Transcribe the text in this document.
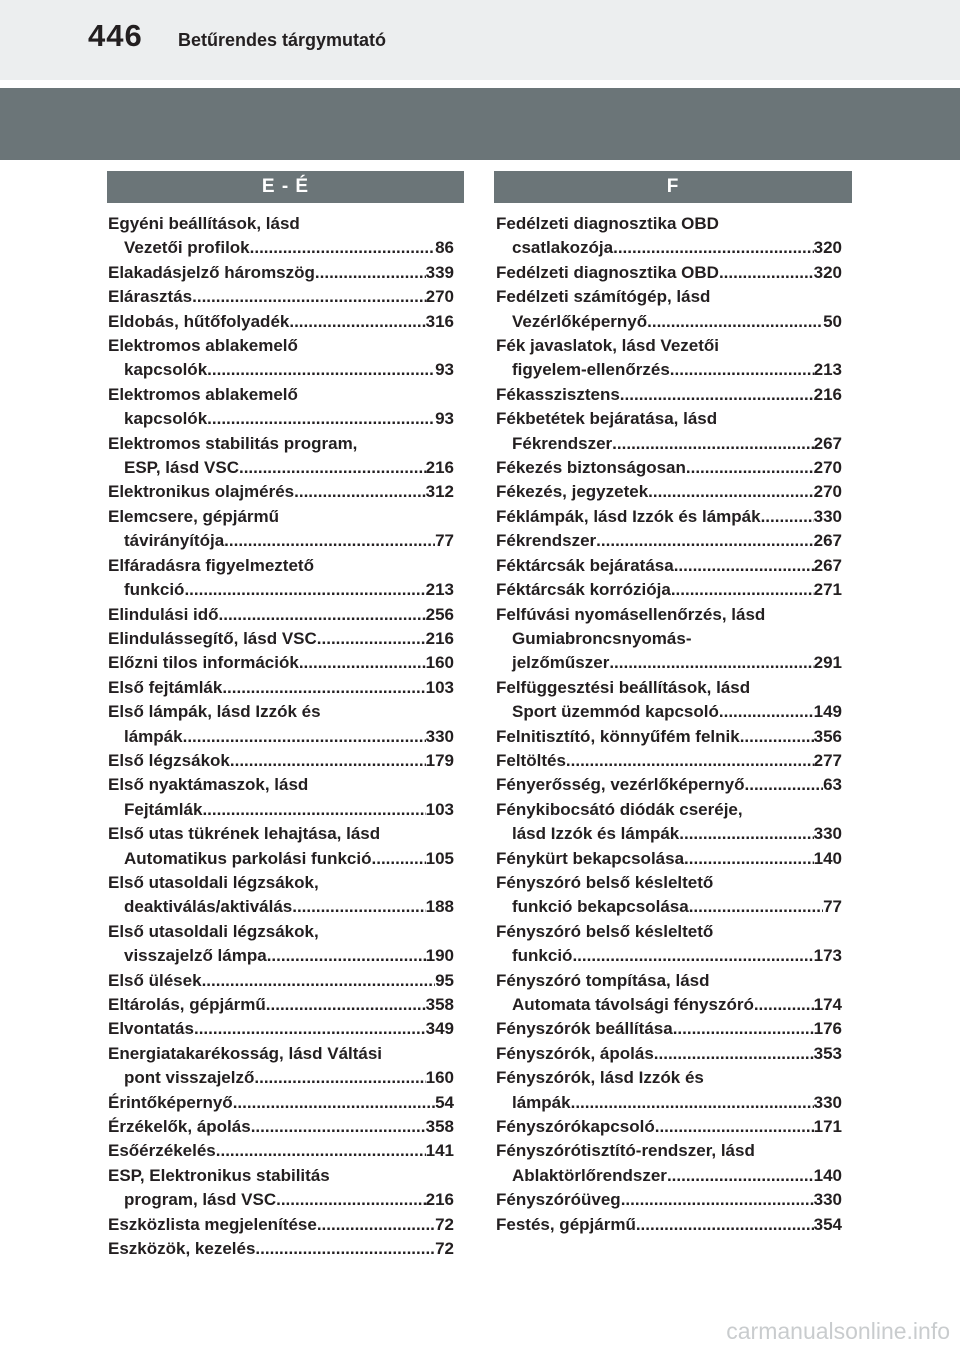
446 Betűrendes tárgymutató
E - É	F
Egyéni beállítások, lásd
Vezetői profilok .....	86
Elakadásjelző háromszög .....	339
Elárasztás .....	270
Eldobás, hűtőfolyadék .....	316
Elektromos ablakemelő
kapcsolók .....	93
Elektromos ablakemelő
kapcsolók .....	93
Elektromos stabilitás program,
ESP, lásd VSC .....	216
Elektronikus olajmérés .....	312
Elemcsere, gépjármű
távirányítója .....	77
Elfáradásra figyelmeztető
funkció .....	213
Elindulási idő .....	256
Elindulássegítő, lásd VSC .....	216
Előzni tilos információk .....	160
Első fejtámlák .....	103
Első lámpák, lásd Izzók és
lámpák .....	330
Első légzsákok .....	179
Első nyaktámaszok, lásd
Fejtámlák .....	103
Első utas tükrének lehajtása, lásd
Automatikus parkolási funkció .....	105
Első utasoldali légzsákok,
deaktiválás/aktiválás .....	188
Első utasoldali légzsákok,
visszajelző lámpa .....	190
Első ülések .....	95
Eltárolás, gépjármű .....	358
Elvontatás .....	349
Energiatakarékosság, lásd Váltási
pont visszajelző .....	160
Érintőképernyő .....	54
Érzékelők, ápolás .....	358
Esőérzékelés .....	141
ESP, Elektronikus stabilitás
program, lásd VSC .....	216
Eszközlista megjelenítése .....	72
Eszközök, kezelés .....	72
Fedélzeti diagnosztika OBD
csatlakozója .....	320
Fedélzeti diagnosztika OBD .....	320
Fedélzeti számítógép, lásd
Vezérlőképernyő .....	50
Fék javaslatok, lásd Vezetői
figyelem-ellenőrzés .....	213
Fékasszisztens .....	216
Fékbetétek bejáratása, lásd
Fékrendszer .....	267
Fékezés biztonságosan .....	270
Fékezés, jegyzetek .....	270
Féklámpák, lásd Izzók és lámpák .....	330
Fékrendszer .....	267
Féktárcsák bejáratása .....	267
Féktárcsák korróziója .....	271
Felfúvási nyomásellenőrzés, lásd
Gumiabroncsnyomás-
jelzőműszer .....	291
Felfüggesztési beállítások, lásd
Sport üzemmód kapcsoló .....	149
Felnitisztító, könnyűfém felnik .....	356
Feltöltés .....	277
Fényerősség, vezérlőképernyő .....	63
Fénykibocsátó diódák cseréje,
lásd Izzók és lámpák .....	330
Fénykürt bekapcsolása .....	140
Fényszóró belső késleltető
funkció bekapcsolása .....	77
Fényszóró belső késleltető
funkció .....	173
Fényszóró tompítása, lásd
Automata távolsági fényszóró .....	174
Fényszórók beállítása .....	176
Fényszórók, ápolás .....	353
Fényszórók, lásd Izzók és
lámpák .....	330
Fényszórókapcsoló .....	171
Fényszórótisztító-rendszer, lásd
Ablaktörlőrendszer .....	140
Fényszóróüveg .....	330
Festés, gépjármű .....	354
carmanualsonline.info
